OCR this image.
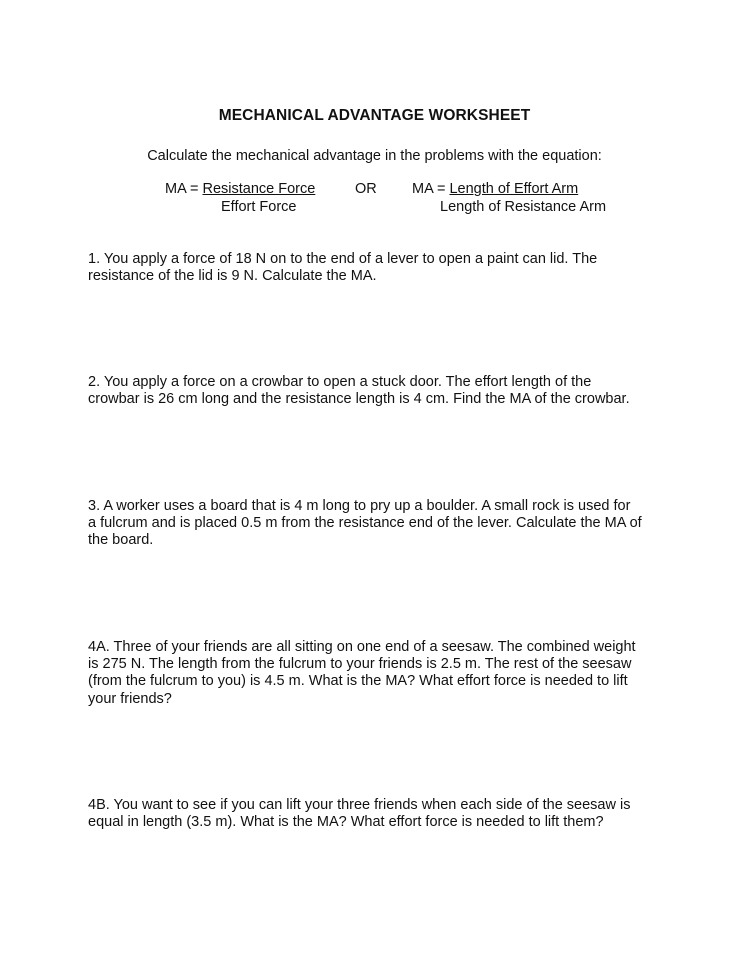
MECHANICAL ADVANTAGE WORKSHEET
Calculate the mechanical advantage in the problems with the equation:
MA = Resistance Force
Effort Force
OR MA = Length of Effort Arm
Length of Resistance Arm
1. You apply a force of 18 N on to the end of a lever to open a paint can lid. The
resistance of the lid is 9 N. Calculate the MA.
2. You apply a force on a crowbar to open a stuck door. The effort length of the
crowbar is 26 cm long and the resistance length is 4 cm. Find the MA of the crowbar.
3. A worker uses a board that is 4 m long to pry up a boulder. A small rock is used for
a fulcrum and is placed 0.5 m from the resistance end of the lever. Calculate the MA of
the board.
4A. Three of your friends are all sitting on one end of a seesaw. The combined weight
is 275 N. The length from the fulcrum to your friends is 2.5 m. The rest of the seesaw
(from the fulcrum to you) is 4.5 m. What is the MA? What effort force is needed to lift
your friends?
4B. You want to see if you can lift your three friends when each side of the seesaw is
equal in length (3.5 m). What is the MA? What effort force is needed to lift them?
